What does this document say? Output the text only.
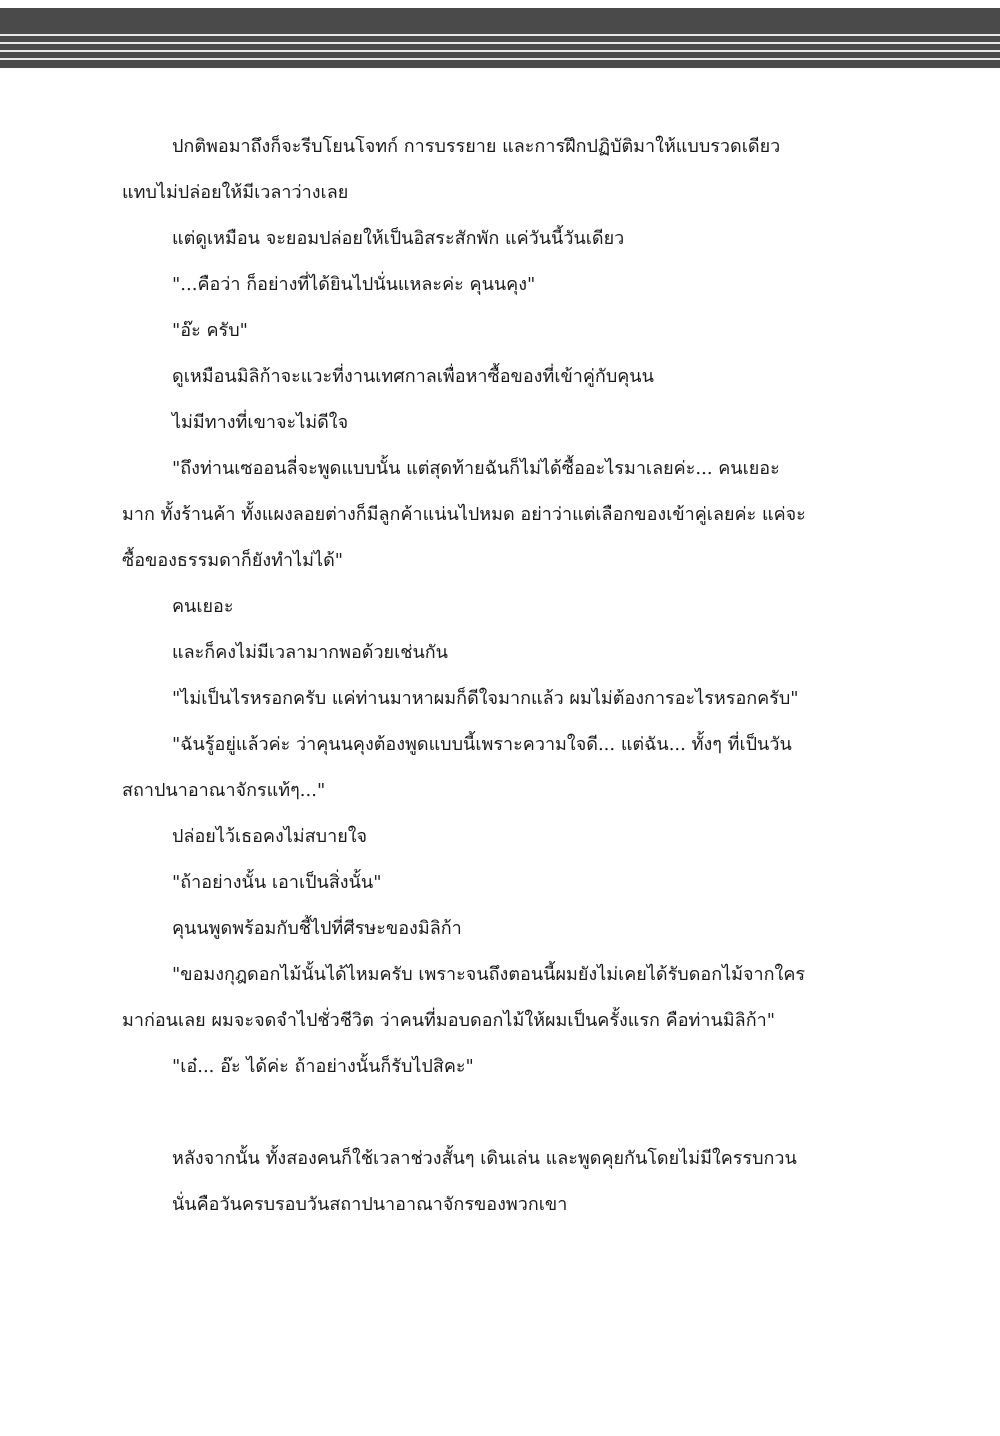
ปกติพอมาถึงก็จะรีบโยนโจทก์ การบรรยาย และการฝึกปฏิบัติมาให้แบบรวดเดียว แทบไม่ปล่อยให้มีเวลาว่างเลย

แต่ดูเหมือน จะยอมปล่อยให้เป็นอิสระสักพัก แค่วันนี้วันเดียว

"...คือว่า ก็อย่างที่ได้ยินไปนั่นแหละค่ะ คุนนคุง"

"อ๊ะ ครับ"

ดูเหมือนมิลิก้าจะแวะที่งานเทศกาลเพื่อหาซื้อของที่เข้าคู่กับคุนน

ไม่มีทางที่เขาจะไม่ดีใจ

"ถึงท่านเซออนลี่จะพูดแบบนั้น แต่สุดท้ายฉันก็ไม่ได้ซื้ออะไรมาเลยค่ะ... คนเยอะมาก ทั้งร้านค้า ทั้งแผงลอยต่างก็มีลูกค้าแน่นไปหมด อย่าว่าแต่เลือกของเข้าคู่เลยค่ะ แค่จะซื้อของธรรมดาก็ยังทำไม่ได้"

คนเยอะ

และก็คงไม่มีเวลามากพอด้วยเช่นกัน

"ไม่เป็นไรหรอกครับ แค่ท่านมาหาผมก็ดีใจมากแล้ว ผมไม่ต้องการอะไรหรอกครับ"

"ฉันรู้อยู่แล้วค่ะ ว่าคุนนคุงต้องพูดแบบนี้เพราะความใจดี... แต่ฉัน... ทั้งๆ ที่เป็นวันสถาปนาอาณาจักรแท้ๆ..."

ปล่อยไว้เธอคงไม่สบายใจ

"ถ้าอย่างนั้น เอาเป็นสิ่งนั้น"

คุนนพูดพร้อมกับชี้ไปที่ศีรษะของมิลิก้า

"ขอมงกุฎดอกไม้นั้นได้ไหมครับ เพราะจนถึงตอนนี้ผมยังไม่เคยได้รับดอกไม้จากใครมาก่อนเลย ผมจะจดจำไปชั่วชีวิต ว่าคนที่มอบดอกไม้ให้ผมเป็นครั้งแรก คือท่านมิลิก้า"

"เอ๋... อ๊ะ ได้ค่ะ ถ้าอย่างนั้นก็รับไปสิคะ"

หลังจากนั้น ทั้งสองคนก็ใช้เวลาช่วงสั้นๆ เดินเล่น และพูดคุยกันโดยไม่มีใครรบกวน

นั่นคือวันครบรอบวันสถาปนาอาณาจักรของพวกเขา
